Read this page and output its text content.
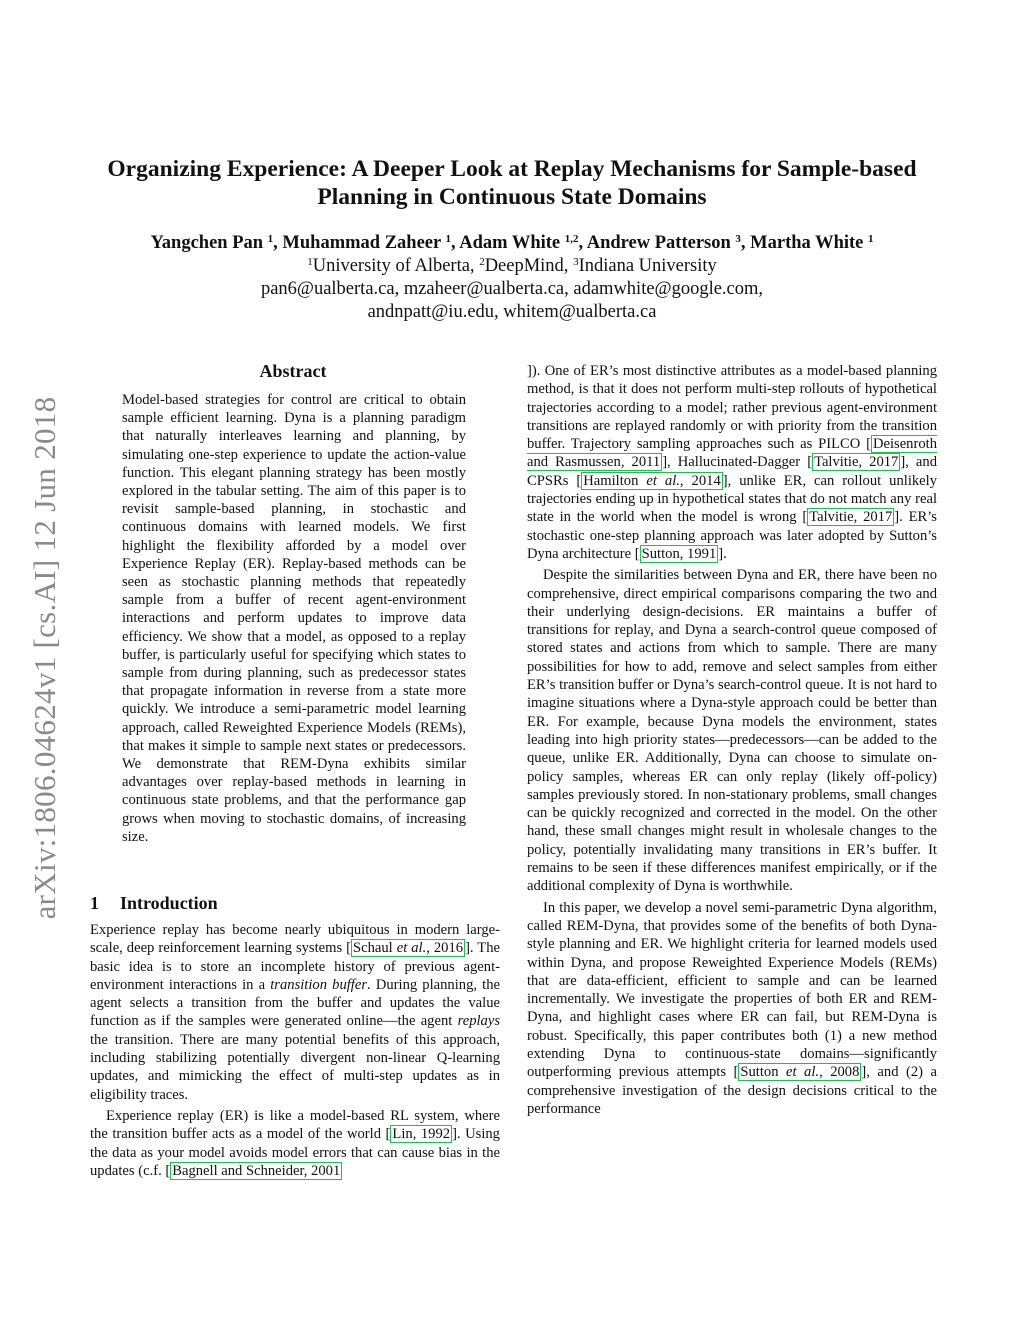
arXiv:1806.04624v1 [cs.AI] 12 Jun 2018
Organizing Experience: A Deeper Look at Replay Mechanisms for Sample-based
Planning in Continuous State Domains
Yangchen Pan $^1$, Muhammad Zaheer $^1$, Adam White $^{1,2}$, Andrew Patterson $^3$, Martha White $^1$
$^1$University of Alberta, $^2$DeepMind, $^3$Indiana University
pan6@ualberta.ca, mzaheer@ualberta.ca, adamwhite@google.com,
andnpatt@iu.edu, whitem@ualberta.ca
Abstract
Model-based strategies for control are critical to obtain sample efficient learning. Dyna is a planning paradigm that naturally interleaves learning and planning, by simulating one-step experience to update the action-value function. This elegant planning strategy has been mostly explored in the tabular setting. The aim of this paper is to revisit sample-based planning, in stochastic and continuous domains with learned models. We first highlight the flexibility afforded by a model over Experience Replay (ER). Replay-based methods can be seen as stochastic planning methods that repeatedly sample from a buffer of recent agent-environment interactions and perform updates to improve data efficiency. We show that a model, as opposed to a replay buffer, is particularly useful for specifying which states to sample from during planning, such as predecessor states that propagate information in reverse from a state more quickly. We introduce a semi-parametric model learning approach, called Reweighted Experience Models (REMs), that makes it simple to sample next states or predecessors. We demonstrate that REM-Dyna exhibits similar advantages over replay-based methods in learning in continuous state problems, and that the performance gap grows when moving to stochastic domains, of increasing size.
1 Introduction

Experience replay has become nearly ubiquitous in modern large-scale, deep reinforcement learning systems [ Schaul et al., 2016 ]. The basic idea is to store an incomplete history of previous agent-environment interactions in a transition buffer. During planning, the agent selects a transition from the buffer and updates the value function as if the samples were generated online—the agent replays the transition. There are many potential benefits of this approach, including stabilizing potentially divergent non-linear Q-learning updates, and mimicking the effect of multi-step updates as in eligibility traces.

Experience replay (ER) is like a model-based RL system, where the transition buffer acts as a model of the world [ Lin, 1992 ]. Using the data as your model avoids model errors that can cause bias in the updates (c.f. [ Bagnell and Schneider, 2001

]). One of ER’s most distinctive attributes as a model-based planning method, is that it does not perform multi-step rollouts of hypothetical trajectories according to a model; rather previous agent-environment transitions are replayed randomly or with priority from the transition buffer. Trajectory sampling approaches such as PILCO [ Deisenroth and Rasmussen, 2011 ], Hallucinated-Dagger [ Talvitie, 2017 ], and CPSRs [ Hamilton et al., 2014 ], unlike ER, can rollout unlikely trajectories ending up in hypothetical states that do not match any real state in the world when the model is wrong [ Talvitie, 2017 ]. ER’s stochastic one-step planning approach was later adopted by Sutton’s Dyna architecture [ Sutton, 1991 ].

Despite the similarities between Dyna and ER, there have been no comprehensive, direct empirical comparisons comparing the two and their underlying design-decisions. ER maintains a buffer of transitions for replay, and Dyna a search-control queue composed of stored states and actions from which to sample. There are many possibilities for how to add, remove and select samples from either ER’s transition buffer or Dyna’s search-control queue. It is not hard to imagine situations where a Dyna-style approach could be better than ER. For example, because Dyna models the environment, states leading into high priority states—predecessors—can be added to the queue, unlike ER. Additionally, Dyna can choose to simulate on-policy samples, whereas ER can only replay (likely off-policy) samples previously stored. In non-stationary problems, small changes can be quickly recognized and corrected in the model. On the other hand, these small changes might result in wholesale changes to the policy, potentially invalidating many transitions in ER’s buffer. It remains to be seen if these differences manifest empirically, or if the additional complexity of Dyna is worthwhile.

In this paper, we develop a novel semi-parametric Dyna algorithm, called REM-Dyna, that provides some of the benefits of both Dyna-style planning and ER. We highlight criteria for learned models used within Dyna, and propose Reweighted Experience Models (REMs) that are data-efficient, efficient to sample and can be learned incrementally. We investigate the properties of both ER and REM-Dyna, and highlight cases where ER can fail, but REM-Dyna is robust. Specifically, this paper contributes both (1) a new method extending Dyna to continuous-state domains—significantly outperforming previous attempts [ Sutton et al., 2008 ], and (2) a comprehensive investigation of the design decisions critical to the performance
